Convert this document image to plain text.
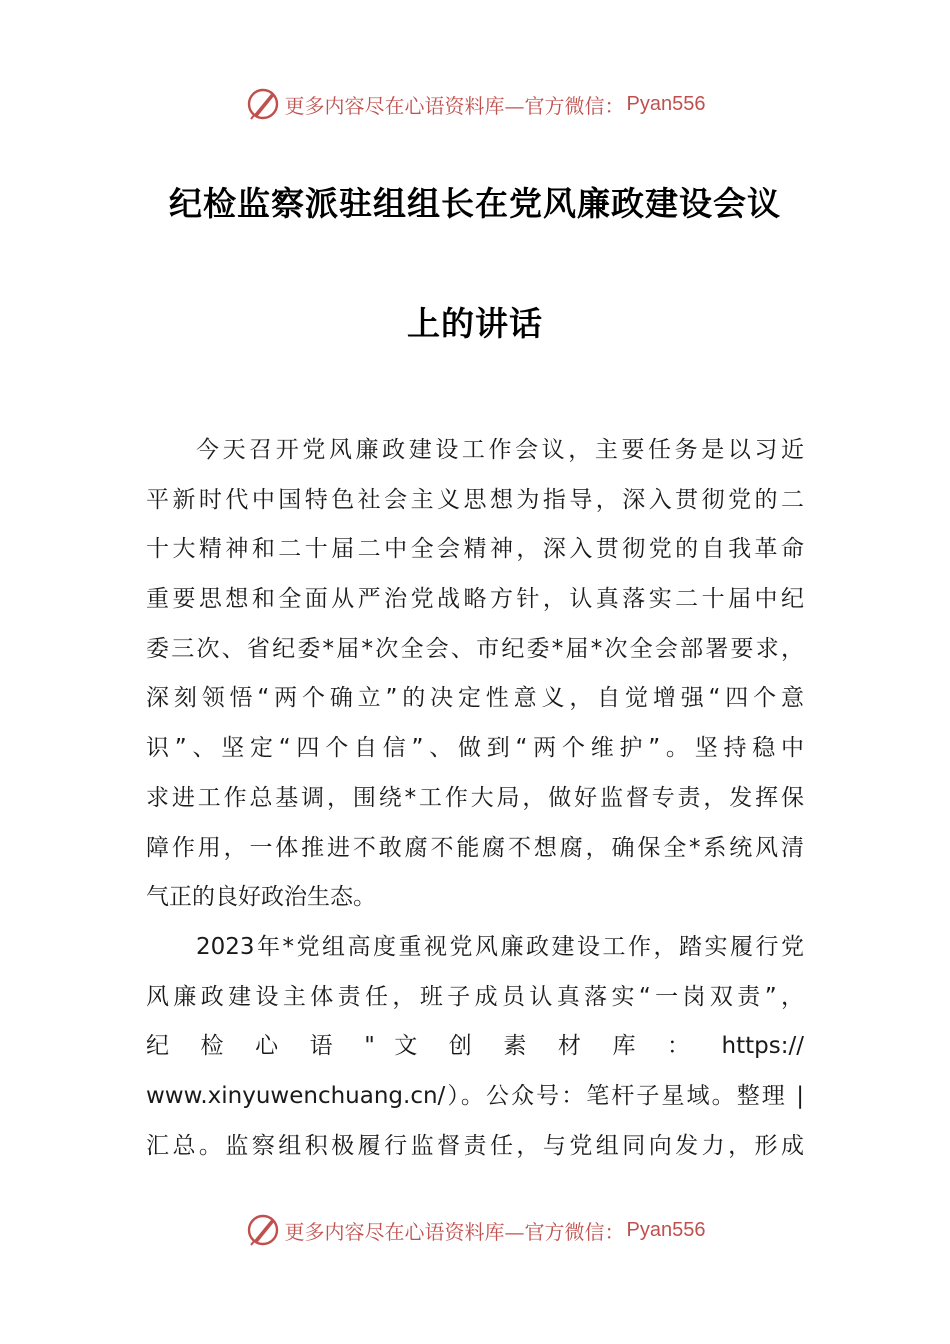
更多内容尽在心语资料库—官方微信： Pyan556
纪检监察派驻组组长在党风廉政建设会议
上的讲话
今天召开党风廉政建设工作会议，主要任务是以习近
平新时代中国特色社会主义思想为指导，深入贯彻党的二
十大精神和二十届二中全会精神，深入贯彻党的自我革命
重要思想和全面从严治党战略方针，认真落实二十届中纪
委三次、省纪委*届*次全会、市纪委*届*次全会部署要求，
深刻领悟“两个确立”的决定性意义，自觉增强“四个意
识”、坚定“四个自信”、做到“两个维护”。坚持稳中
求进工作总基调，围绕*工作大局，做好监督专责，发挥保
障作用，一体推进不敢腐不能腐不想腐，确保全*系统风清
气正的良好政治生态。
2023年*党组高度重视党风廉政建设工作，踏实履行党
风廉政建设主体责任，班子成员认真落实“一岗双责”，
纪 检 心 语 " 文 创 素 材 库 ： https://
www.xinyuwenchuang.cn/）。公众号：笔杆子星域。整理 |
汇总。监察组积极履行监督责任，与党组同向发力，形成
更多内容尽在心语资料库—官方微信： Pyan556
